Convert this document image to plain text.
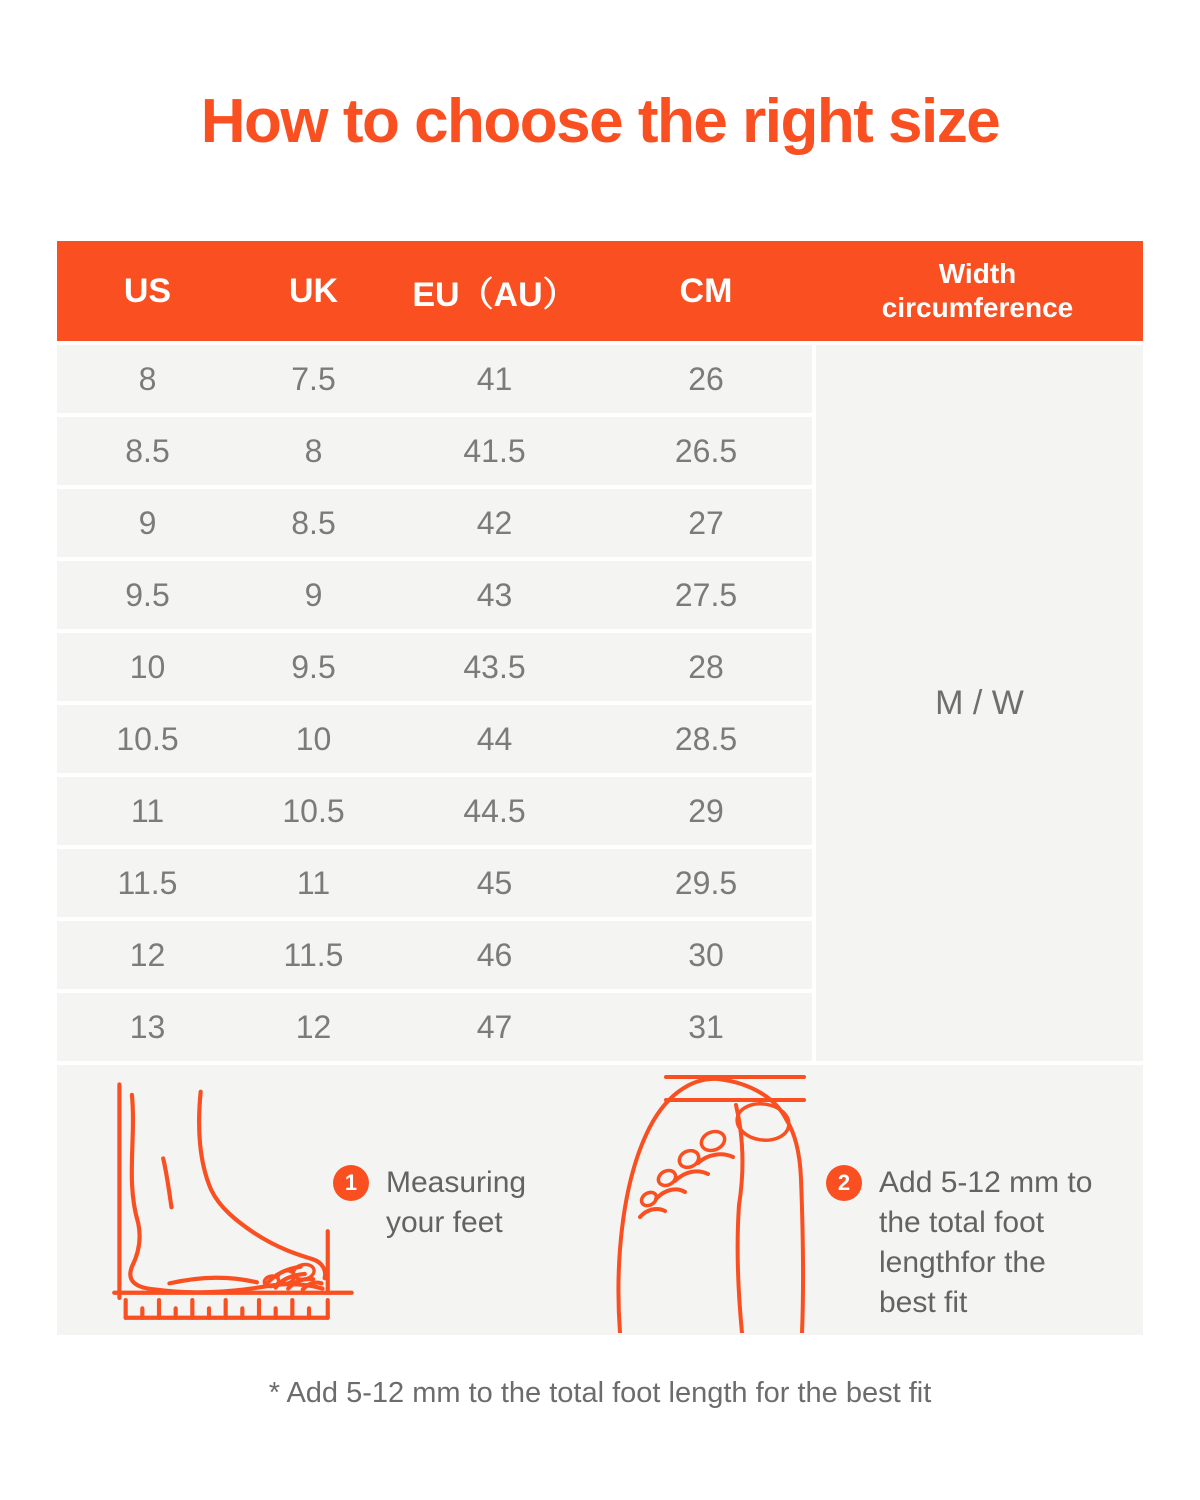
How to choose the right size
US	UK	EU（AU）	CM	Width circumference
8	7.5	41	26
8.5	8	41.5	26.5
9	8.5	42	27
9.5	9	43	27.5
10	9.5	43.5	28
10.5	10	44	28.5
11	10.5	44.5	29
11.5	11	45	29.5
12	11.5	46	30
13	12	47	31
M / W
1 Measuring
your feet
2 Add 5-12 mm to
the total foot
lengthfor the
best fit
* Add 5-12 mm to the total foot length for the best fit
